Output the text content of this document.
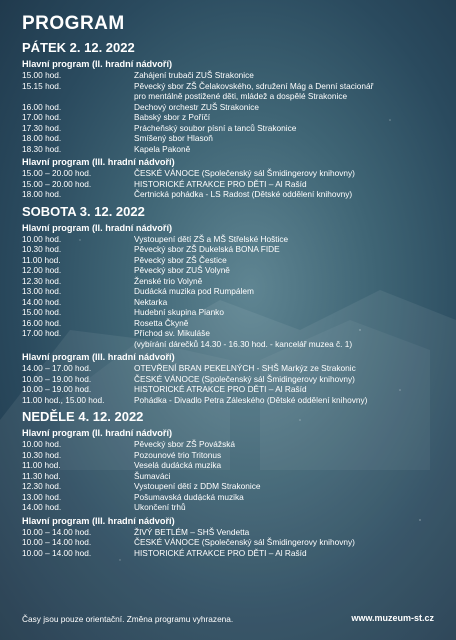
PROGRAM
PÁTEK 2. 12. 2022
Hlavní program (II. hradní nádvoří)
15.00 hod.	Zahájení trubači ZUŠ Strakonice
15.15 hod.	Pěvecký sbor ZŠ Čelakovského, sdružení Mág a Denní stacionář
pro mentálně postižené děti, mládež a dospělé Strakonice
16.00 hod.	Dechový orchestr ZUŠ Strakonice
17.00 hod.	Babský sbor z Poříčí
17.30 hod.	Prácheňský soubor písní a tanců Strakonice
18.00 hod.	Smíšený sbor Hlasoň
18.30 hod.	Kapela Pakoně
Hlavní program (III. hradní nádvoří)
15.00 – 20.00 hod.	ČESKÉ VÁNOCE (Společenský sál Šmidingerovy knihovny)
15.00 – 20.00 hod.	HISTORICKÉ ATRAKCE PRO DĚTI – Al Rašíd
18.00 hod.	Čertnická pohádka - LS Radost (Dětské oddělení knihovny)
SOBOTA 3. 12. 2022
Hlavní program (II. hradní nádvoří)
10.00 hod.	Vystoupení dětí ZŠ a MŠ Střelské Hoštice
10.30 hod.	Pěvecký sbor ZŠ Dukelská BONA FIDE
11.00 hod.	Pěvecký sbor ZŠ Čestice
12.00 hod.	Pěvecký sbor ZUŠ Volyně
12.30 hod.	Ženské trio Volyně
13.00 hod.	Dudácká muzika pod Rumpálem
14.00 hod.	Nektarka
15.00 hod.	Hudební skupina Pianko
16.00 hod.	Rosetta Čkyně
17.00 hod.	Příchod sv. Mikuláše
(vybírání dárečků 14.30 - 16.30 hod. - kancelář muzea č. 1)
Hlavní program (III. hradní nádvoří)
14.00 – 17.00 hod.	OTEVŘENÍ BRAN PEKELNÝCH - SHŠ Markýz ze Strakonic
10.00 – 19.00 hod.	ČESKÉ VÁNOCE (Společenský sál Šmidingerovy knihovny)
10.00 – 19.00 hod.	HISTORICKÉ ATRAKCE PRO DĚTI – Al Rašíd
11.00 hod., 15.00 hod.	Pohádka - Divadlo Petra Záleského (Dětské oddělení knihovny)
NEDĚLE 4. 12. 2022
Hlavní program (II. hradní nádvoří)
10.00 hod.	Pěvecký sbor ZŠ Povážská
10.30 hod.	Pozounové trio Tritonus
11.00 hod.	Veselá dudácká muzika
11.30 hod.	Šumaváci
12.30 hod.	Vystoupení dětí z DDM Strakonice
13.00 hod.	Pošumavská dudácká muzika
14.00 hod.	Ukončení trhů
Hlavní program (III. hradní nádvoří)
10.00 – 14.00 hod.	ŽIVÝ BETLÉM – SHŠ Vendetta
10.00 – 14.00 hod.	ČESKÉ VÁNOCE (Společenský sál Šmidingerovy knihovny)
10.00 – 14.00 hod.	HISTORICKÉ ATRAKCE PRO DĚTI – Al Rašíd
Časy jsou pouze orientační. Změna programu vyhrazena.	www.muzeum-st.cz
